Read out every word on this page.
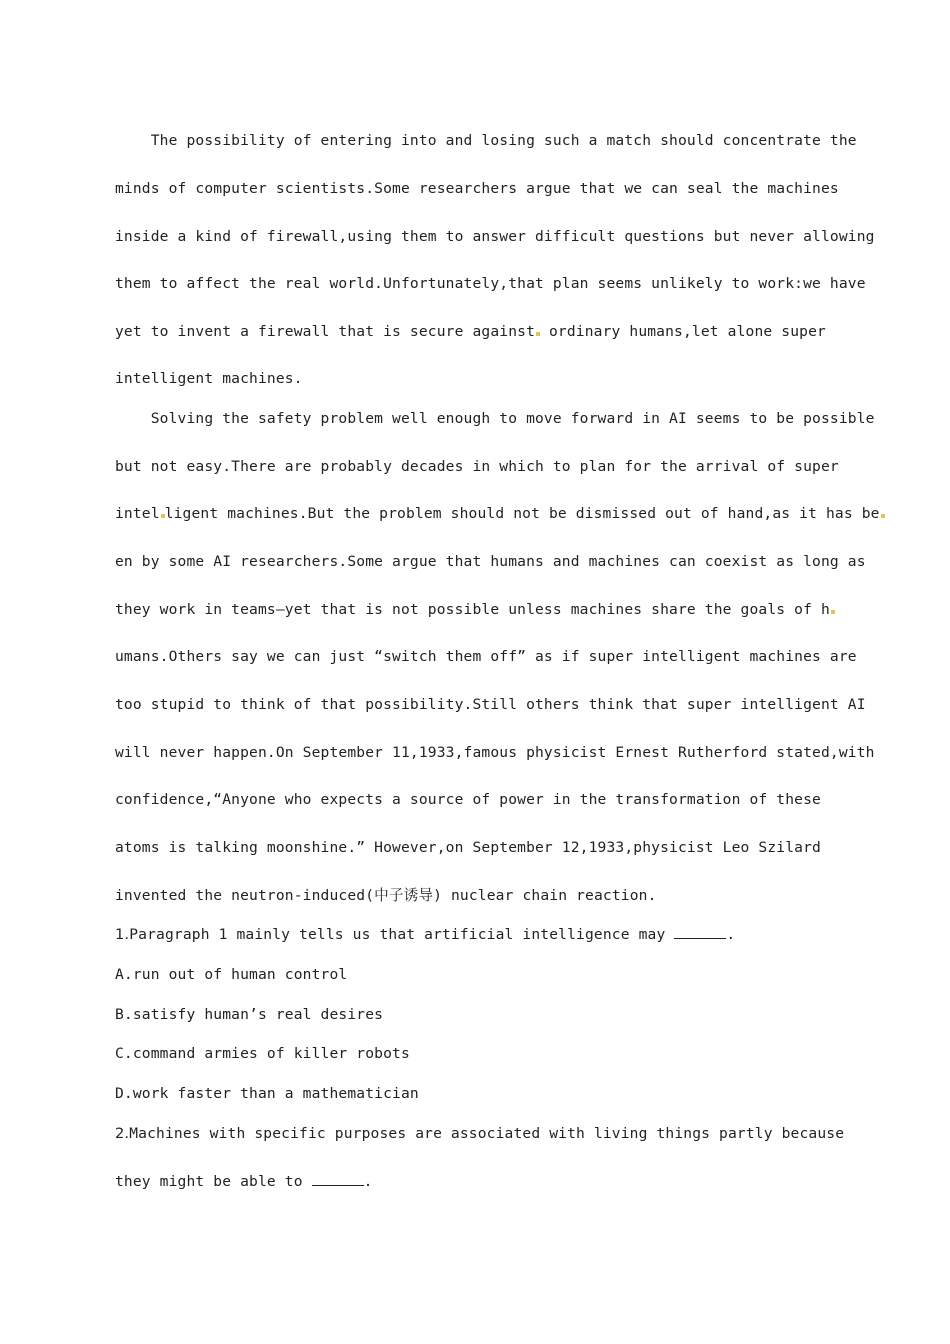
The possibility of entering into and losing such a match should concentrate the
minds of computer scientists.Some researchers argue that we can seal the machines
inside a kind of firewall,using them to answer difficult questions but never allowing
them to affect the real world.Unfortunately,that plan seems unlikely to work:we have
yet to invent a firewall that is secure against ordinary humans,let alone super
intelligent machines.
Solving the safety problem well enough to move forward in AI seems to be possible
but not easy.There are probably decades in which to plan for the arrival of super
intel ligent machines.But the problem should not be dismissed out of hand,as it has be
en by some AI researchers.Some argue that humans and machines can coexist as long as
they work in teams—yet that is not possible unless machines share the goals of h
umans.Others say we can just “switch them off” as if super intelligent machines are
too stupid to think of that possibility.Still others think that super intelligent AI
will never happen.On September 11,1933,famous physicist Ernest Rutherford stated,with
confidence,“Anyone who expects a source of power in the transformation of these
atoms is talking moonshine.” However,on September 12,1933,physicist Leo Szilard
invented the neutron-induced(中子诱导) nuclear chain reaction.
1.Paragraph 1 mainly tells us that artificial intelligence may	.
A.run out of human control
B.satisfy human’s real desires
C.command armies of killer robots
D.work faster than a mathematician
2.Machines with specific purposes are associated with living things partly because
they might be able to	.
